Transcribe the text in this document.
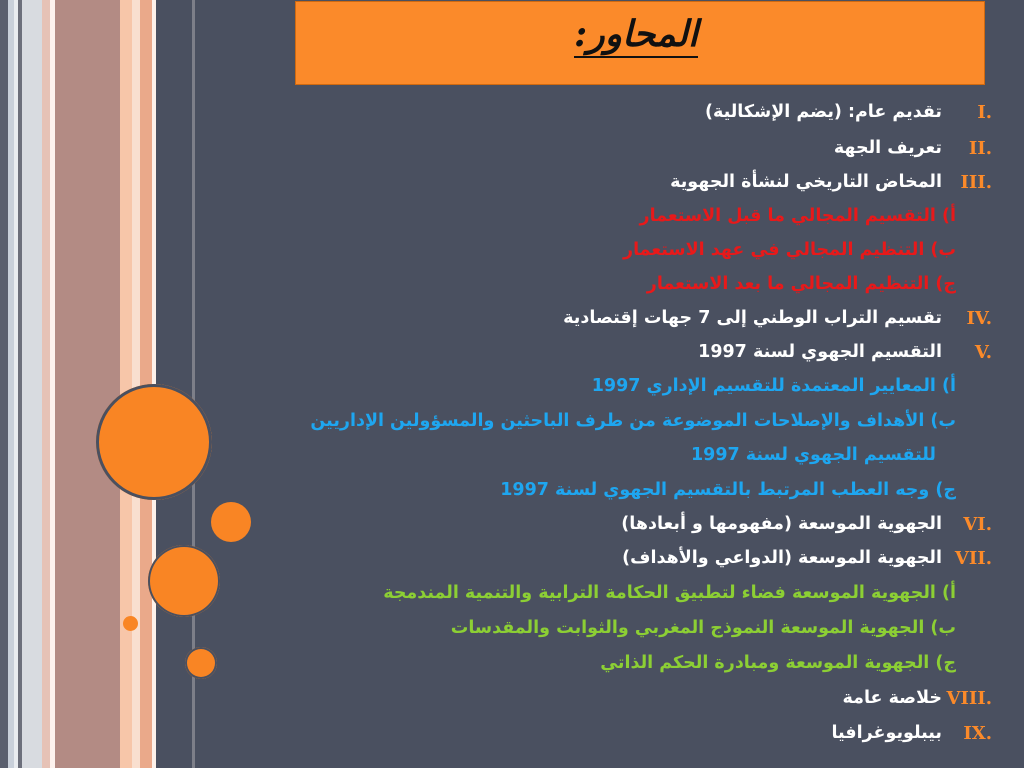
المحاور:
I.
تقديم عام: (يضم الإشكالية)
II.
تعريف الجهة
III.
المخاض التاريخي لنشأة الجهوية
أ) التقسيم المجالي ما قبل الاستعمار
ب) التنظيم المجالي في عهد الاستعمار
ج) التنظيم المجالي ما بعد الاستعمار
IV.
تقسيم التراب الوطني إلى 7 جهات إقتصادية
V.
التقسيم الجهوي لسنة 1997
أ) المعايير المعتمدة للتقسيم الإداري 1997
ب) الأهداف والإصلاحات الموضوعة من طرف الباحثين والمسؤولين الإداريين
للتقسيم الجهوي لسنة 1997
ج) وجه العطب المرتبط بالتقسيم الجهوي لسنة 1997
VI.
الجهوية الموسعة (مفهومها و أبعادها)
VII.
الجهوية الموسعة (الدواعي والأهداف)
أ) الجهوية الموسعة فضاء لتطبيق الحكامة الترابية والتنمية المندمجة
ب) الجهوية الموسعة النموذج المغربي والثوابت والمقدسات
ج) الجهوية الموسعة ومبادرة الحكم الذاتي
VIII.
خلاصة عامة
IX.
بيبلويوغرافيا
